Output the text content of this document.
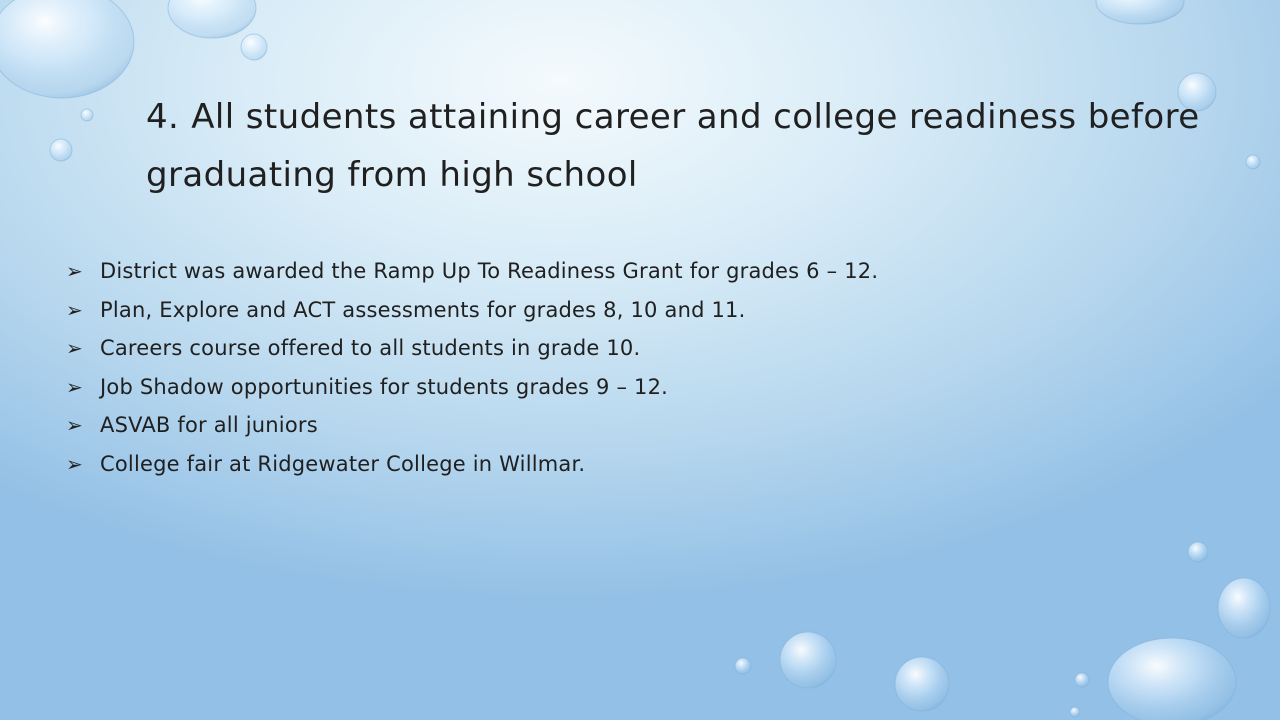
4. All students attaining career and college readiness before graduating from high school
➢ District was awarded the Ramp Up To Readiness Grant for grades 6 – 12.
➢ Plan, Explore and ACT assessments for grades 8, 10 and 11.
➢ Careers course offered to all students in grade 10.
➢ Job Shadow opportunities for students grades 9 – 12.
➢ ASVAB for all juniors
➢ College fair at Ridgewater College in Willmar.
